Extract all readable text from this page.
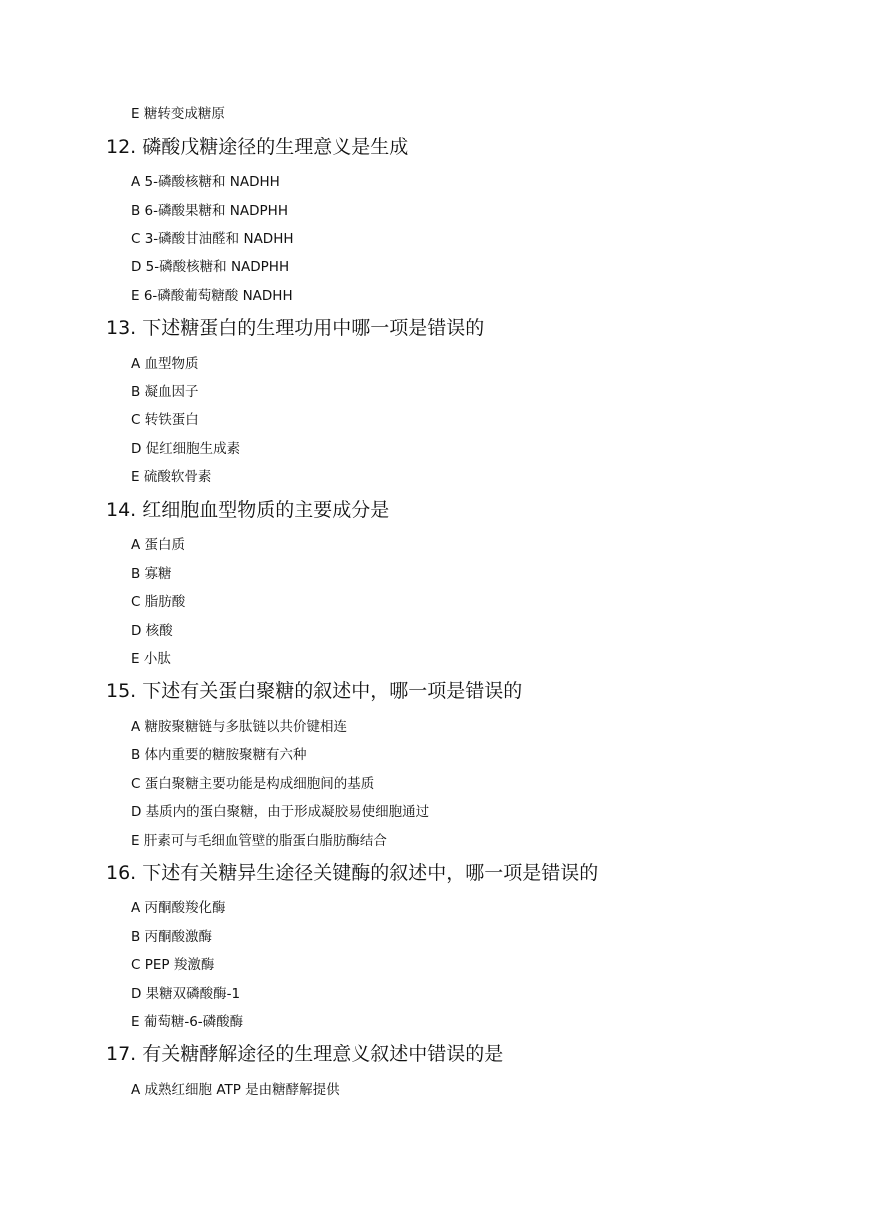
E 糖转变成糖原
12. 磷酸戊糖途径的生理意义是生成
A 5-磷酸核糖和 NADHH
B 6-磷酸果糖和 NADPHH
C 3-磷酸甘油醛和 NADHH
D 5-磷酸核糖和 NADPHH
E 6-磷酸葡萄糖酸 NADHH
13. 下述糖蛋白的生理功用中哪一项是错误的
A 血型物质
B 凝血因子
C 转铁蛋白
D 促红细胞生成素
E 硫酸软骨素
14. 红细胞血型物质的主要成分是
A 蛋白质
B 寡糖
C 脂肪酸
D 核酸
E 小肽
15. 下述有关蛋白聚糖的叙述中，哪一项是错误的
A 糖胺聚糖链与多肽链以共价键相连
B 体内重要的糖胺聚糖有六种
C 蛋白聚糖主要功能是构成细胞间的基质
D 基质内的蛋白聚糖，由于形成凝胶易使细胞通过
E 肝素可与毛细血管壁的脂蛋白脂肪酶结合
16. 下述有关糖异生途径关键酶的叙述中，哪一项是错误的
A 丙酮酸羧化酶
B 丙酮酸激酶
C PEP 羧激酶
D 果糖双磷酸酶-1
E 葡萄糖-6-磷酸酶
17. 有关糖酵解途径的生理意义叙述中错误的是
A 成熟红细胞 ATP 是由糖酵解提供
